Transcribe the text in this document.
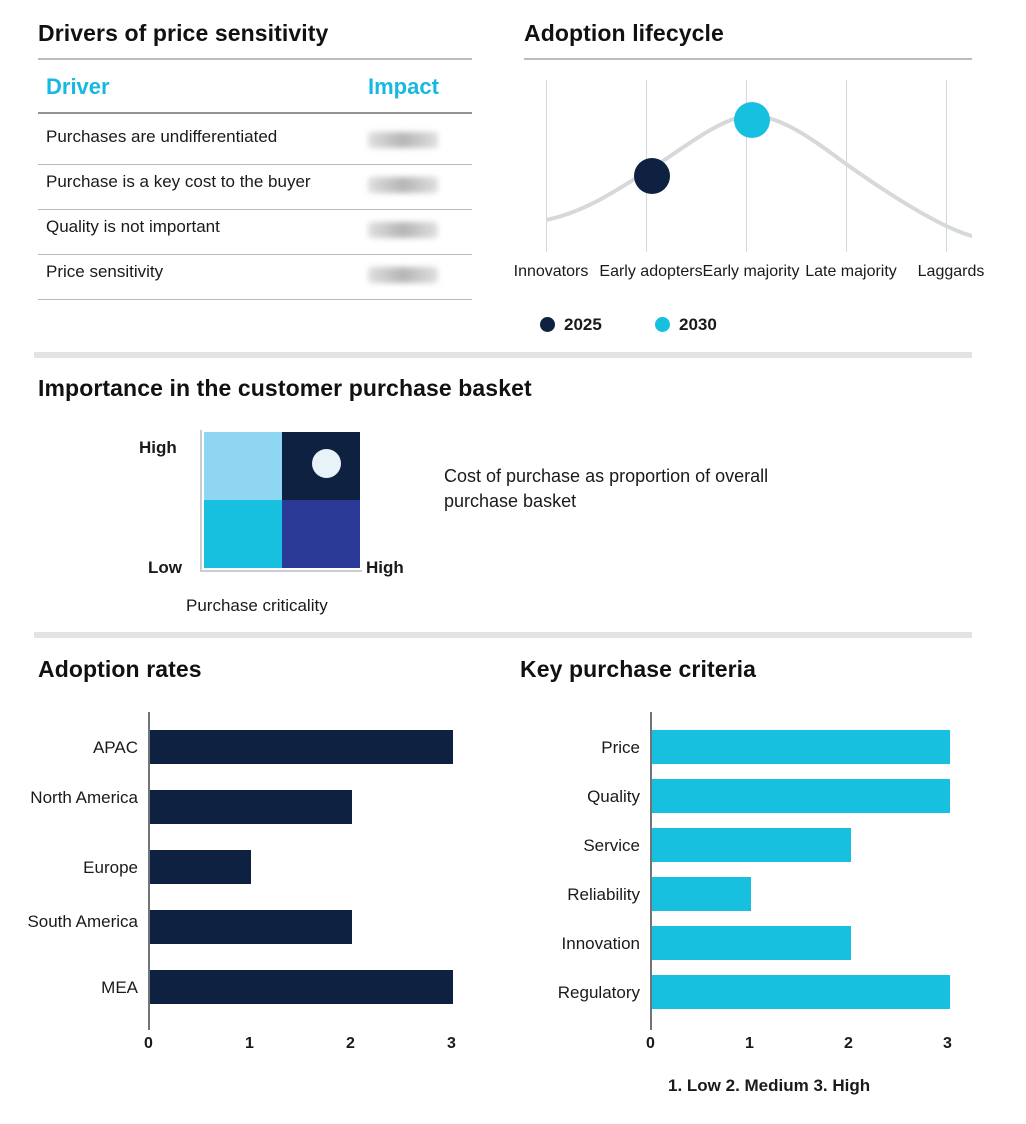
Drivers of price sensitivity
Driver	Impact
Purchases are undifferentiated
Purchase is a key cost to the buyer
Quality is not important
Price sensitivity
Adoption lifecycle
Innovators Early adopters Early majority Late majority	Laggards
2025	2030
Importance in the customer purchase basket
High
Low	High
Purchase criticality
Cost of purchase as proportion of overall purchase basket
Adoption rates
APAC
North America
Europe
South America
MEA
0	1	2	3
Key purchase criteria
Price
Quality
Service
Reliability
Innovation
Regulatory
0	1	2	3
1. Low 2. Medium 3. High
